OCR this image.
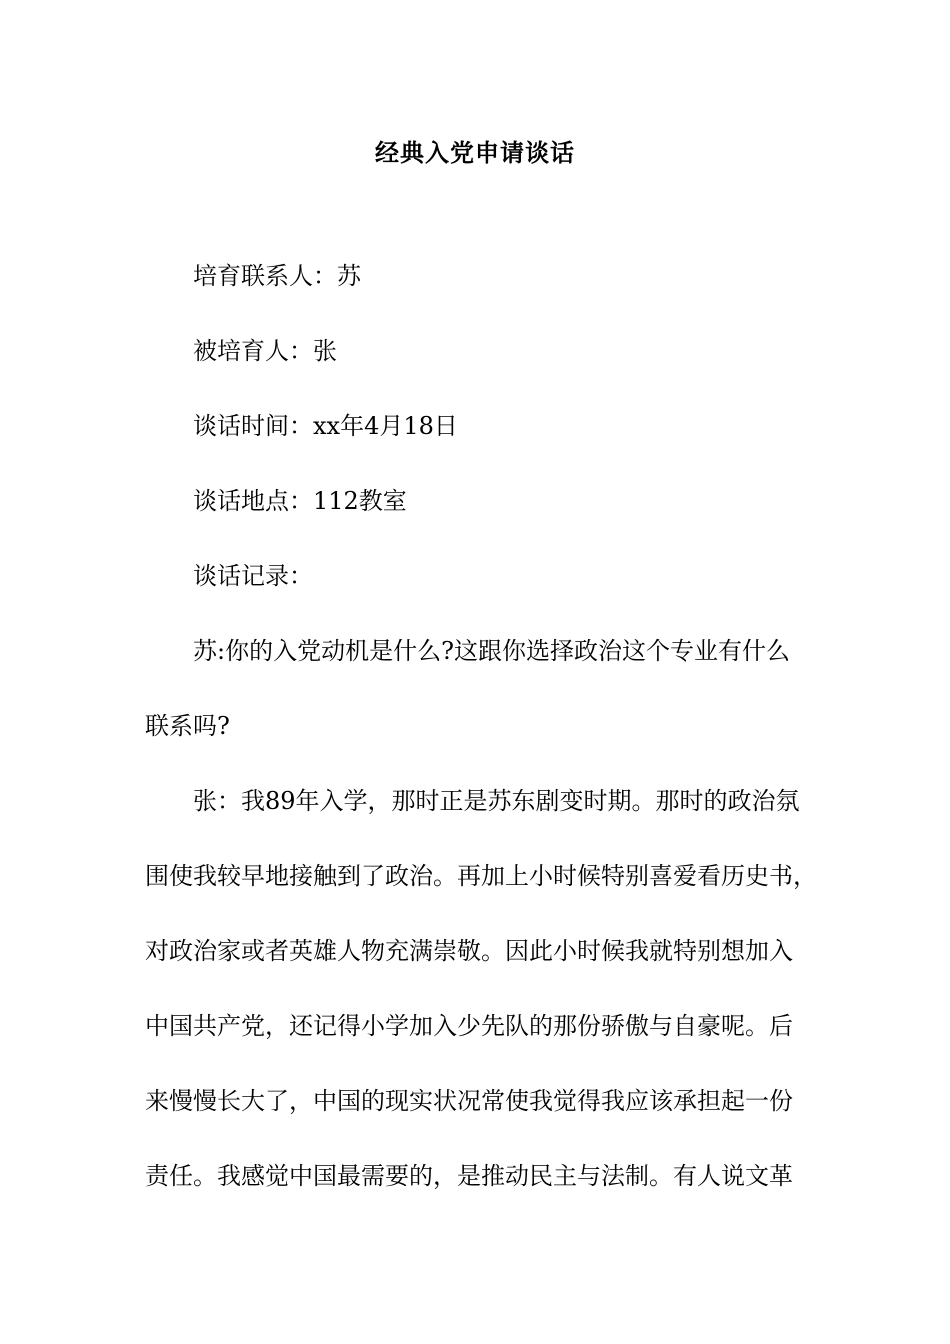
经典入党申请谈话
培育联系人：苏
被培育人：张
谈话时间：xx年4月18日
谈话地点：112教室
谈话记录：
苏:你的入党动机是什么?这跟你选择政治这个专业有什么
联系吗?
张：我89年入学，那时正是苏东剧变时期。那时的政治氛
围使我较早地接触到了政治。再加上小时候特别喜爱看历史书，
对政治家或者英雄人物充满崇敬。因此小时候我就特别想加入
中国共产党，还记得小学加入少先队的那份骄傲与自豪呢。后
来慢慢长大了，中国的现实状况常使我觉得我应该承担起一份
责任。我感觉中国最需要的，是推动民主与法制。有人说文革
